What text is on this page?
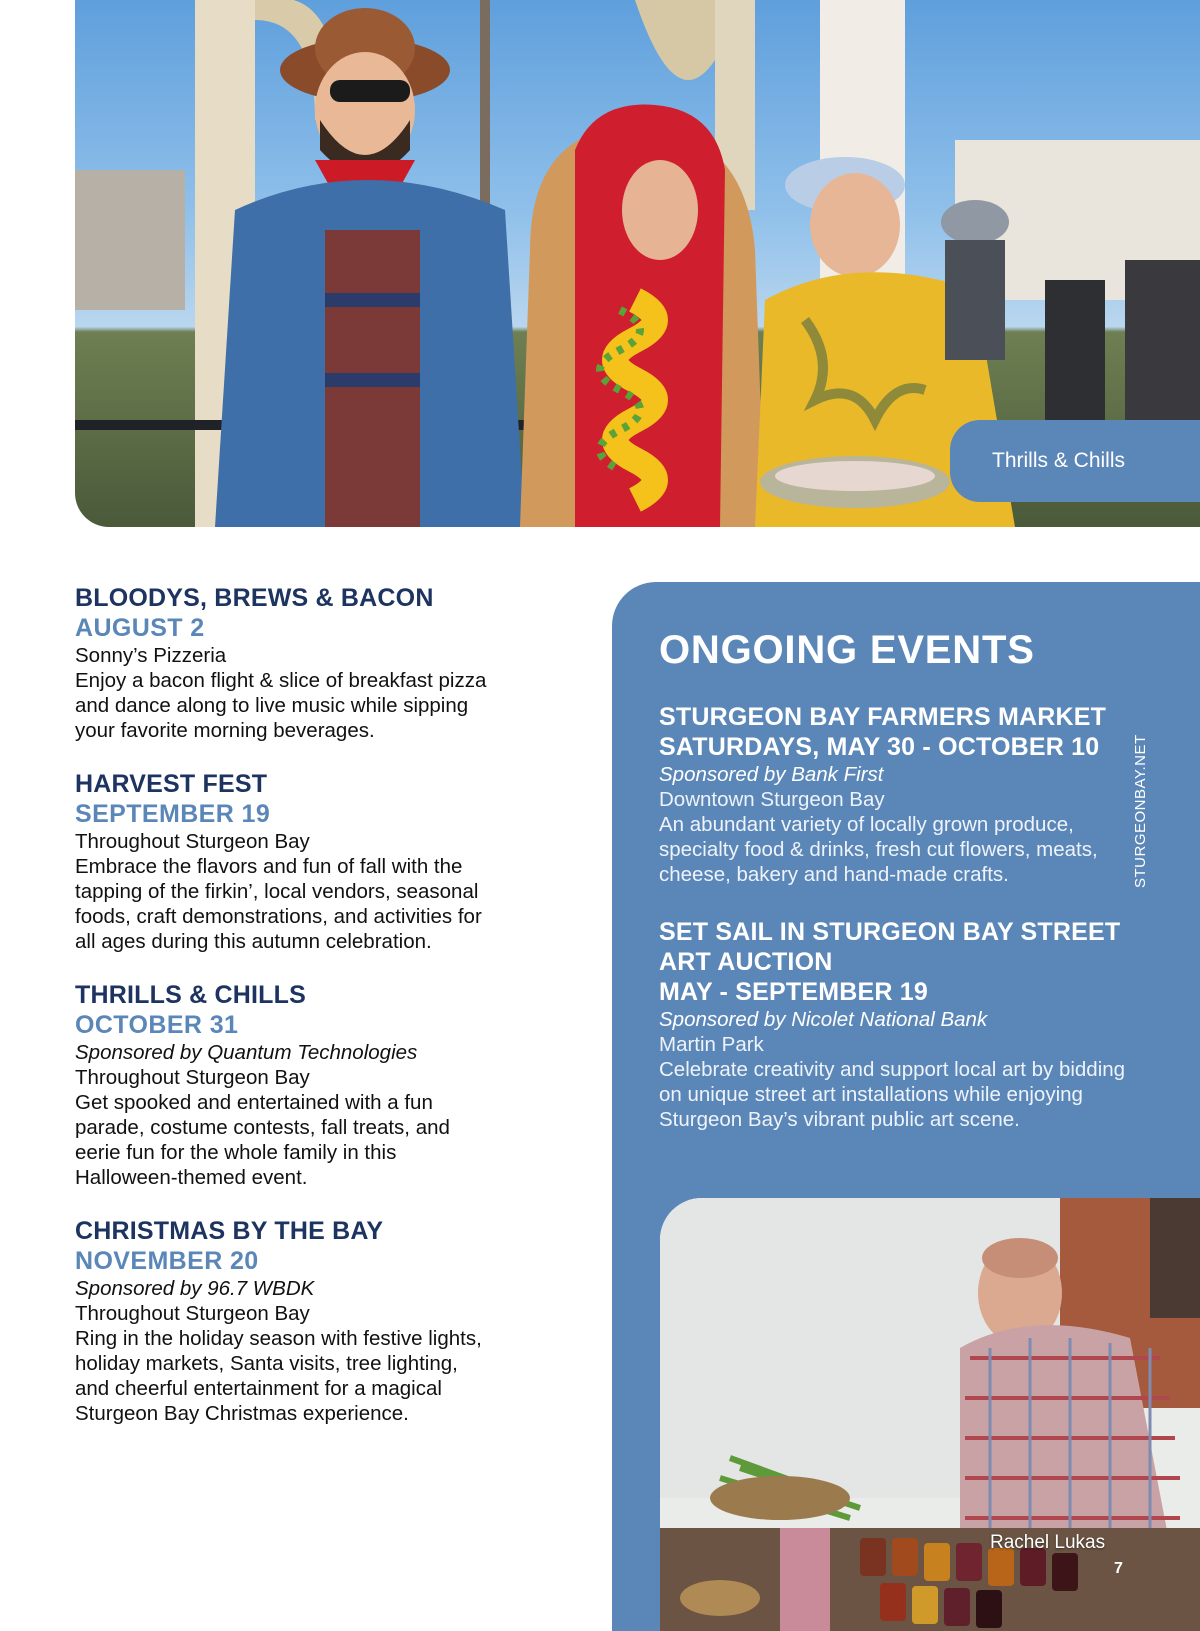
Thrills & Chills
BLOODYS, BREWS & BACON
AUGUST 2
Sonny’s Pizzeria
Enjoy a bacon flight & slice of breakfast pizza and dance along to live music while sipping your favorite morning beverages.
HARVEST FEST
SEPTEMBER 19
Throughout Sturgeon Bay
Embrace the flavors and fun of fall with the tapping of the firkin’, local vendors, seasonal foods, craft demonstrations, and activities for all ages during this autumn celebration.
THRILLS & CHILLS
OCTOBER 31
Sponsored by Quantum Technologies
Throughout Sturgeon Bay
Get spooked and entertained with a fun parade, costume contests, fall treats, and eerie fun for the whole family in this Halloween-themed event.
CHRISTMAS BY THE BAY
NOVEMBER 20
Sponsored by 96.7 WBDK
Throughout Sturgeon Bay
Ring in the holiday season with festive lights, holiday markets, Santa visits, tree lighting, and cheerful entertainment for a magical Sturgeon Bay Christmas experience.
ONGOING EVENTS
STURGEON BAY FARMERS MARKET
SATURDAYS, MAY 30 - OCTOBER 10
Sponsored by Bank First
Downtown Sturgeon Bay
An abundant variety of locally grown produce, specialty food & drinks, fresh cut flowers, meats, cheese, bakery and hand-made crafts.
SET SAIL IN STURGEON BAY STREET ART AUCTION
MAY - SEPTEMBER 19
Sponsored by Nicolet National Bank
Martin Park
Celebrate creativity and support local art by bidding on unique street art installations while enjoying Sturgeon Bay’s vibrant public art scene.
STURGEONBAY.NET
Rachel Lukas
7
